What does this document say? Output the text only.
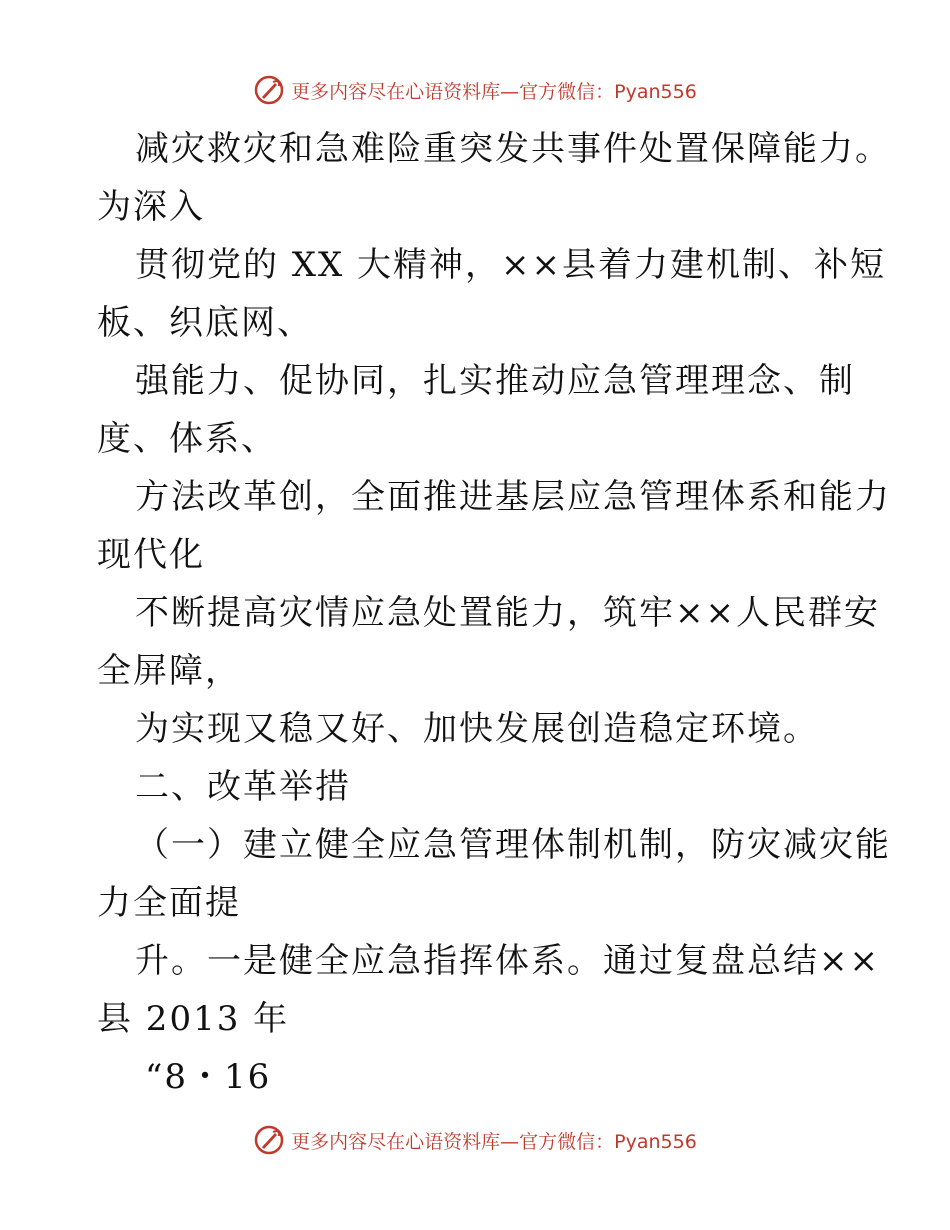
更多内容尽在心语资料库—官方微信：Pyan556
减灾救灾和急难险重突发共事件处置保障能力。
为深入
贯彻党的 XX 大精神，××县着力建机制、补短
板、织底网、
强能力、促协同，扎实推动应急管理理念、制
度、体系、
方法改革创，全面推进基层应急管理体系和能力
现代化
不断提高灾情应急处置能力，筑牢××人民群安
全屏障，
为实现又稳又好、加快发展创造稳定环境。
二、改革举措
（一）建立健全应急管理体制机制，防灾减灾能
力全面提
升。一是健全应急指挥体系。通过复盘总结××
县 2013 年
“8・16
更多内容尽在心语资料库—官方微信：Pyan556
